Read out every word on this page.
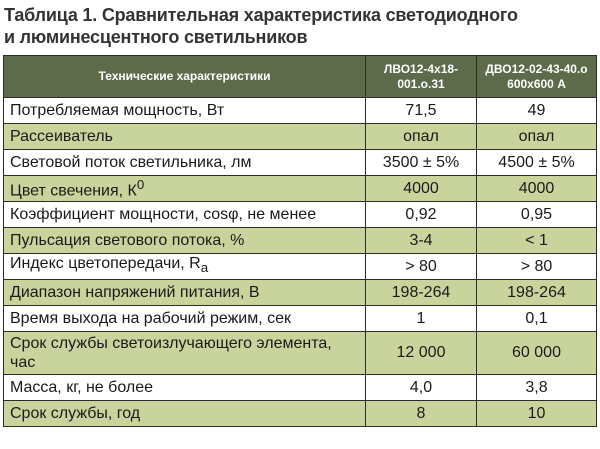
Таблица 1. Сравнительная характеристика светодиодного
и люминесцентного светильников
Технические характеристики	ЛВО12-4х18-001.о.31	ДВО12-02-43-40.о 600х600 А
Потребляемая мощность, Вт	71,5	49
Рассеиватель	опал	опал
Световой поток светильника, лм	3500 ± 5%	4500 ± 5%
Цвет свечения, $К^0$	4000	4000
Коэффициент мощности, cosφ, не менее	0,92	0,95
Пульсация светового потока, %	3-4	< 1
Индекс цветопередачи, $R_a$	> 80	> 80
Диапазон напряжений питания, В	198-264	198-264
Время выхода на рабочий режим, сек	1	0,1
Срок службы светоизлучающего элемента, час	12 000	60 000
Масса, кг, не более	4,0	3,8
Срок службы, год	8	10
